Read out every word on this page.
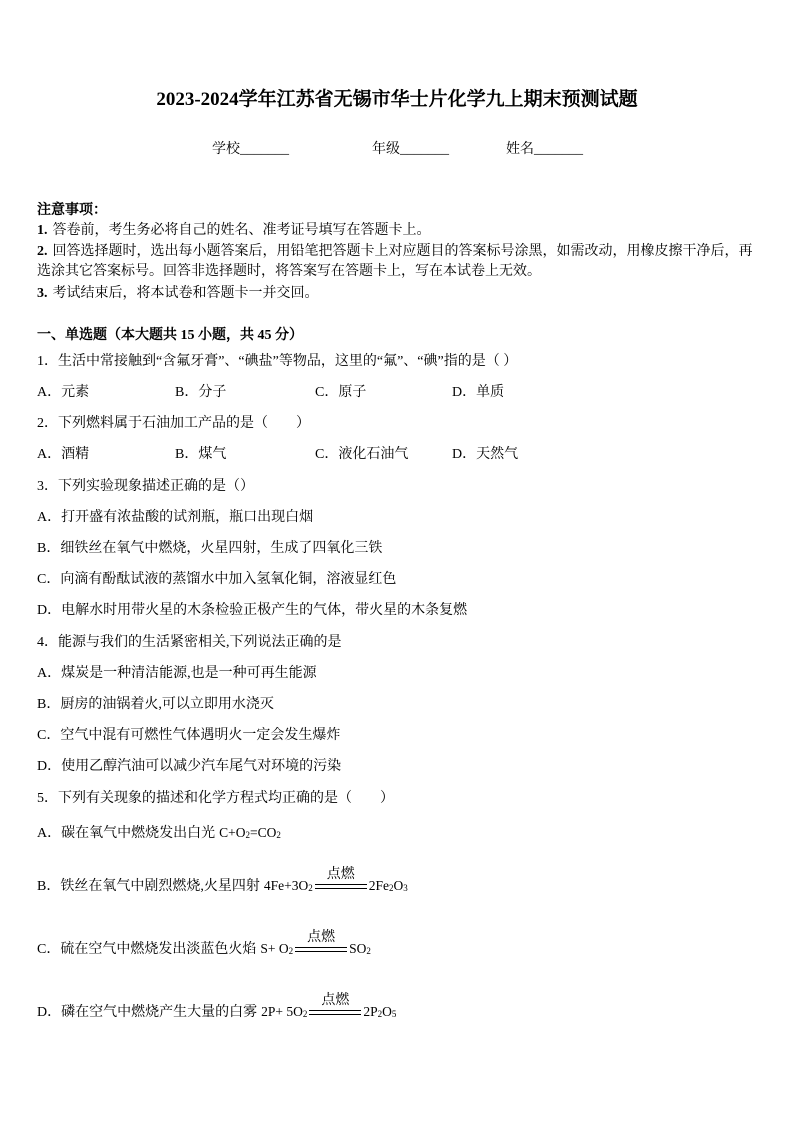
2023-2024学年江苏省无锡市华士片化学九上期末预测试题
学校_______	年级_______	姓名_______
注意事项：
1. 答卷前，考生务必将自己的姓名、准考证号填写在答题卡上。
2. 回答选择题时，选出每小题答案后，用铅笔把答题卡上对应题目的答案标号涂黑，如需改动，用橡皮擦干净后，再
选涂其它答案标号。回答非选择题时，将答案写在答题卡上，写在本试卷上无效。
3. 考试结束后，将本试卷和答题卡一并交回。
一、单选题（本大题共 15 小题，共 45 分）
1．生活中常接触到“含氟牙膏”、“碘盐”等物品，这里的“氟”、“碘”指的是（ ）
A．元素	B．分子	C．原子	D．单质
2．下列燃料属于石油加工产品的是（　　）
A．酒精	B．煤气	C．液化石油气	D．天然气
3．下列实验现象描述正确的是（）
A．打开盛有浓盐酸的试剂瓶，瓶口出现白烟
B．细铁丝在氧气中燃烧，火星四射，生成了四氧化三铁
C．向滴有酚酞试液的蒸馏水中加入氢氧化铜，溶液显红色
D．电解水时用带火星的木条检验正极产生的气体，带火星的木条复燃
4．能源与我们的生活紧密相关,下列说法正确的是
A．煤炭是一种清洁能源,也是一种可再生能源
B．厨房的油锅着火,可以立即用水浇灭
C．空气中混有可燃性气体遇明火一定会发生爆炸
D．使用乙醇汽油可以减少汽车尾气对环境的污染
5．下列有关现象的描述和化学方程式均正确的是（　　）
A．碳在氧气中燃烧发出白光 $C+O_2=CO_2$
B．铁丝在氧气中剧烈燃烧,火星四射 $4Fe+3O_2$
点燃
$2Fe_2O_3$
C．硫在空气中燃烧发出淡蓝色火焰 $S+ O_2$
点燃
$SO_2$
D．磷在空气中燃烧产生大量的白雾 $2P+ 5O_2$
点燃
$2P_2O_5$
